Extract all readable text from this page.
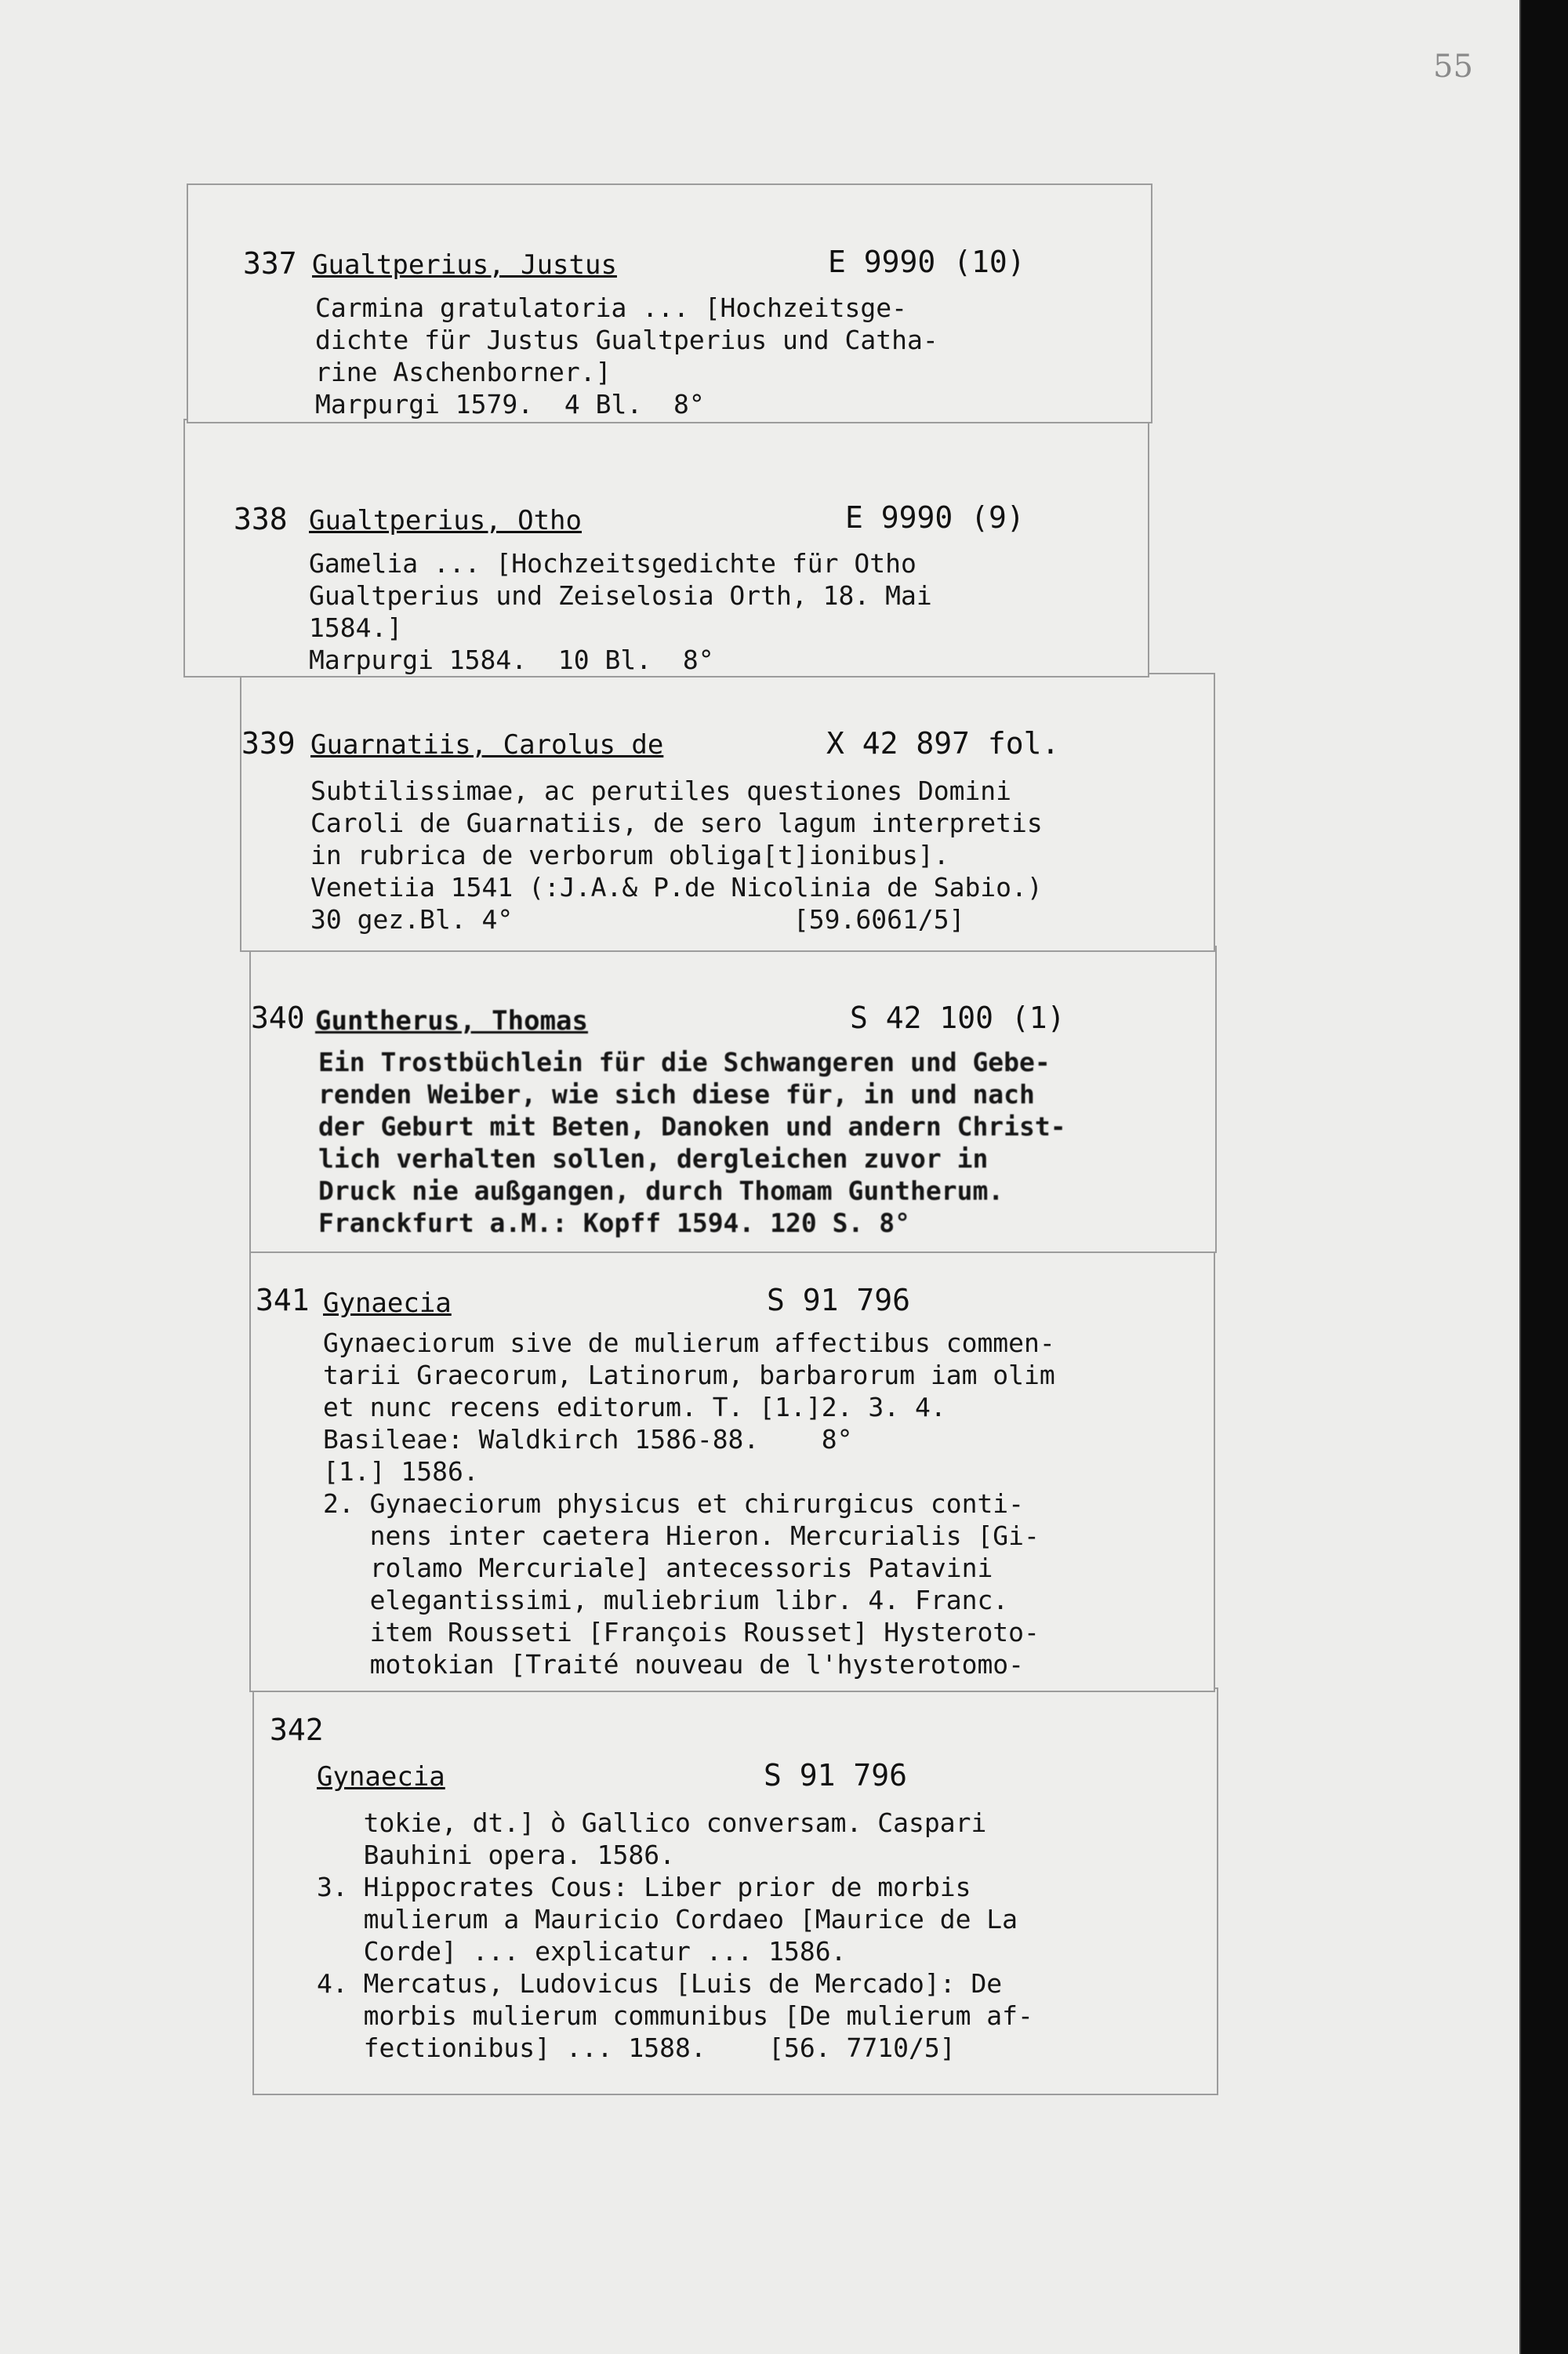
55
342
Gynaecia	S 91 796
tokie, dt.] ò Gallico conversam. Caspari
Bauhini opera. 1586.
3. Hippocrates Cous: Liber prior de morbis
mulierum a Mauricio Cordaeo [Maurice de La
Corde] ... explicatur ... 1586.
4. Mercatus, Ludovicus [Luis de Mercado]: De
morbis mulierum communibus [De mulierum af-
fectionibus] ... 1588.    [56. 7710/5]
341 Gynaecia	S 91 796
Gynaeciorum sive de mulierum affectibus commen-
tarii Graecorum, Latinorum, barbarorum iam olim
et nunc recens editorum. T. [1.]2. 3. 4.
Basileae: Waldkirch 1586-88.    8°
[1.] 1586.
2. Gynaeciorum physicus et chirurgicus conti-
nens inter caetera Hieron. Mercurialis [Gi-
rolamo Mercuriale] antecessoris Patavini
elegantissimi, muliebrium libr. 4. Franc.
item Rousseti [François Rousset] Hysteroto-
motokian [Traité nouveau de l'hysterotomo-
340 Guntherus, Thomas	S 42 100 (1)
Ein Trostbüchlein für die Schwangeren und Gebe-
renden Weiber, wie sich diese für, in und nach
der Geburt mit Beten, Danoken und andern Christ-
lich verhalten sollen, dergleichen zuvor in
Druck nie außgangen, durch Thomam Guntherum.
Franckfurt a.M.: Kopff 1594. 120 S. 8°
339 Guarnatiis, Carolus de	X 42 897 fol.
Subtilissimae, ac perutiles questiones Domini
Caroli de Guarnatiis, de sero lagum interpretis
in rubrica de verborum obliga[t]ionibus].
Venetiia 1541 (:J.A.& P.de Nicolinia de Sabio.)
30 gez.Bl. 4°                  [59.6061/5]
338 Gualtperius, Otho	E 9990 (9)
Gamelia ... [Hochzeitsgedichte für Otho
Gualtperius und Zeiselosia Orth, 18. Mai
1584.]
Marpurgi 1584.  10 Bl.  8°
337 Gualtperius, Justus	E 9990 (10)
Carmina gratulatoria ... [Hochzeitsge-
dichte für Justus Gualtperius und Catha-
rine Aschenborner.]
Marpurgi 1579.  4 Bl.  8°
